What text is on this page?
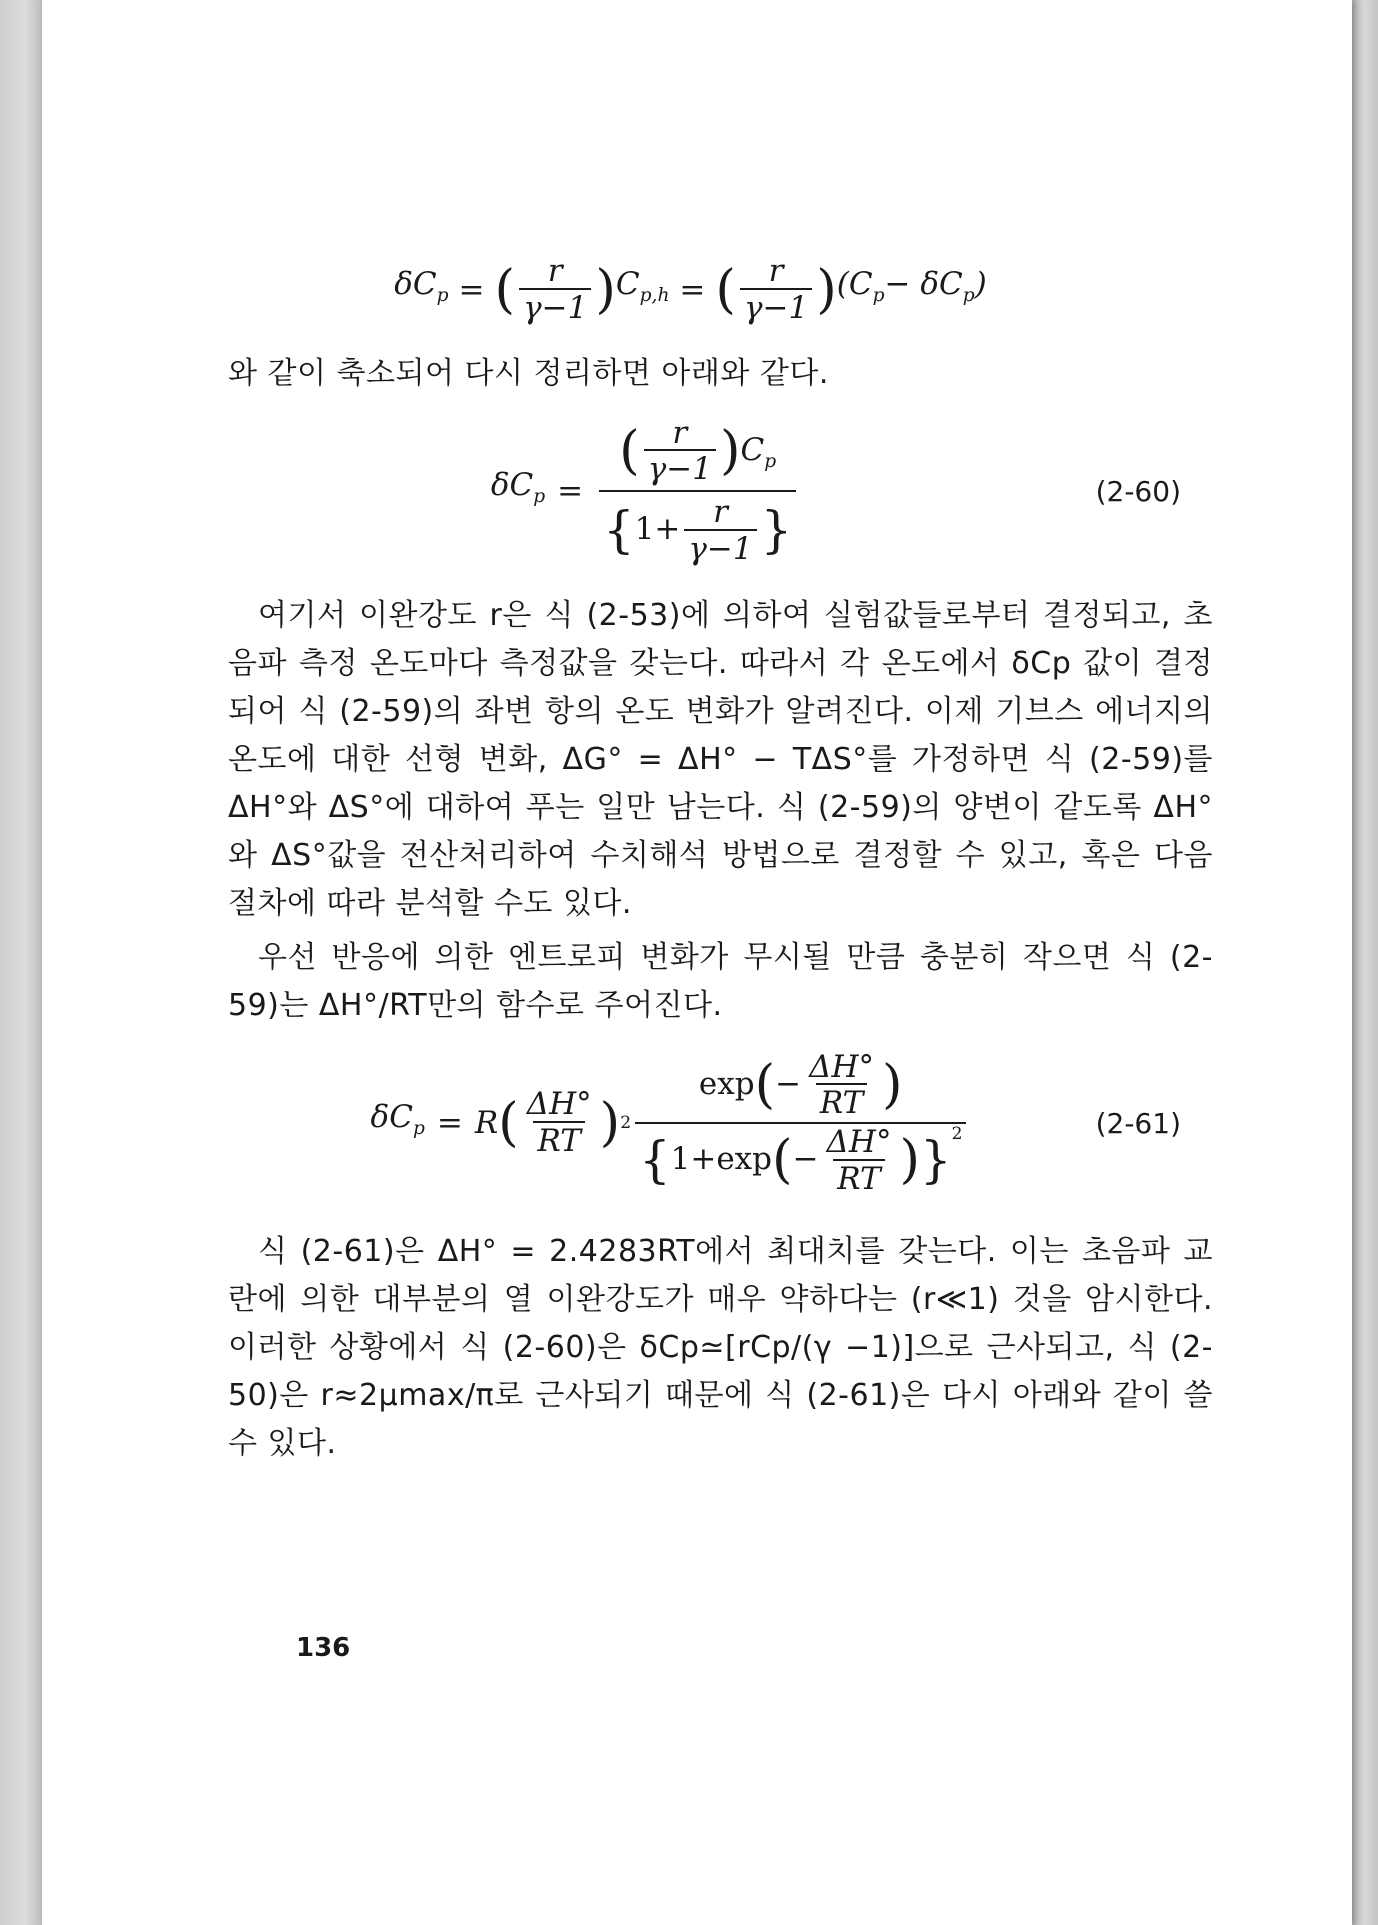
$\delta C_p$ = ( $\frac{r}{\gamma-1}$ ) $C_{p,h}$ = ( $\frac{r}{\gamma-1}$ ) $(C_p- \delta C_p)$

와 같이 축소되어 다시 정리하면 아래와 같다.

$\delta C_p = \frac{( \frac{r}{\gamma-1} )C_p}{\{1+ \frac{r}{\gamma-1} \}}$	(2-60)

여기서 이완강도 r은 식 (2-53)에 의하여 실험값들로부터 결정되고, 초음파 측정 온도마다 측정값을 갖는다. 따라서 각 온도에서 δCp 값이 결정되어 식 (2-59)의 좌변 항의 온도 변화가 알려진다. 이제 기브스 에너지의 온도에 대한 선형 변화, ΔG° = ΔH° − TΔS°를 가정하면 식 (2-59)를 ΔH°와 ΔS°에 대하여 푸는 일만 남는다. 식 (2-59)의 양변이 같도록 ΔH°와 ΔS°값을 전산처리하여 수치해석 방법으로 결정할 수 있고, 혹은 다음 절차에 따라 분석할 수도 있다.

우선 반응에 의한 엔트로피 변화가 무시될 만큼 충분히 작으면 식 (2-59)는 ΔH°/RT만의 함수로 주어진다.

$\delta C_p = R$ ( $\frac{\Delta H^\circ}{RT}$ ) $2 \frac{\exp(- \frac{\Delta H^\circ}{RT} )}{\{1+\exp(- \frac{\Delta H^\circ}{RT} )\}^2}$	(2-61)

식 (2-61)은 ΔH° = 2.4283RT에서 최대치를 갖는다. 이는 초음파 교란에 의한 대부분의 열 이완강도가 매우 약하다는 (r≪1) 것을 암시한다. 이러한 상황에서 식 (2-60)은 δCp≃[rCp/(γ −1)]으로 근사되고, 식 (2-50)은 r≈2μmax/π로 근사되기 때문에 식 (2-61)은 다시 아래와 같이 쓸 수 있다.

136
